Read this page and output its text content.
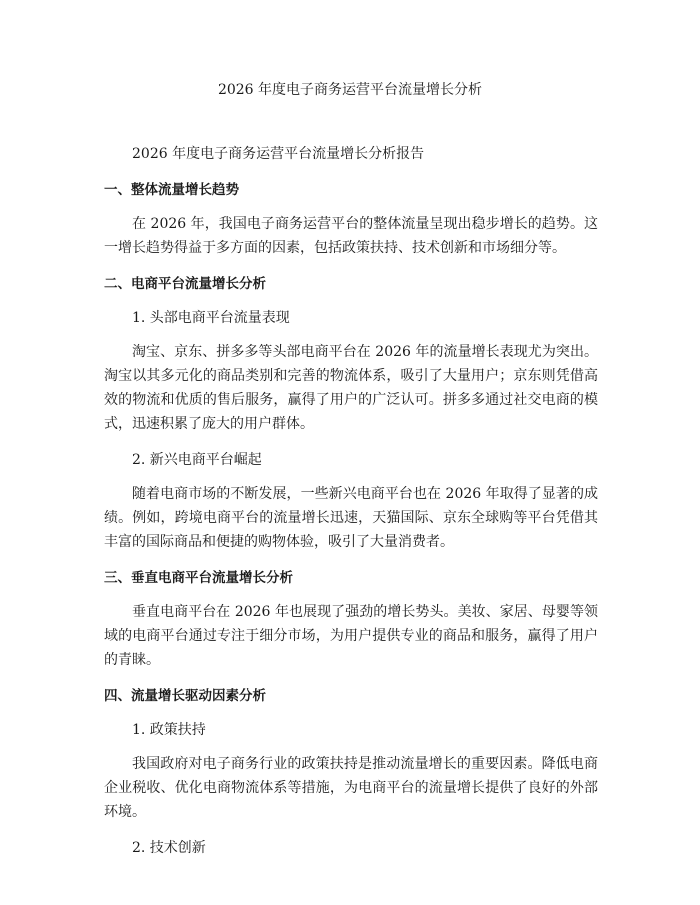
2026 年度电子商务运营平台流量增长分析

2026 年度电子商务运营平台流量增长分析报告

一、整体流量增长趋势

在 2026 年，我国电子商务运营平台的整体流量呈现出稳步增长的趋势。这一增长趋势得益于多方面的因素，包括政策扶持、技术创新和市场细分等。

二、电商平台流量增长分析

1. 头部电商平台流量表现

淘宝、京东、拼多多等头部电商平台在 2026 年的流量增长表现尤为突出。淘宝以其多元化的商品类别和完善的物流体系，吸引了大量用户；京东则凭借高效的物流和优质的售后服务，赢得了用户的广泛认可。拼多多通过社交电商的模式，迅速积累了庞大的用户群体。

2. 新兴电商平台崛起

随着电商市场的不断发展，一些新兴电商平台也在 2026 年取得了显著的成绩。例如，跨境电商平台的流量增长迅速，天猫国际、京东全球购等平台凭借其丰富的国际商品和便捷的购物体验，吸引了大量消费者。

三、垂直电商平台流量增长分析

垂直电商平台在 2026 年也展现了强劲的增长势头。美妆、家居、母婴等领域的电商平台通过专注于细分市场，为用户提供专业的商品和服务，赢得了用户的青睐。

四、流量增长驱动因素分析

1. 政策扶持

我国政府对电子商务行业的政策扶持是推动流量增长的重要因素。降低电商企业税收、优化电商物流体系等措施，为电商平台的流量增长提供了良好的外部环境。

2. 技术创新
